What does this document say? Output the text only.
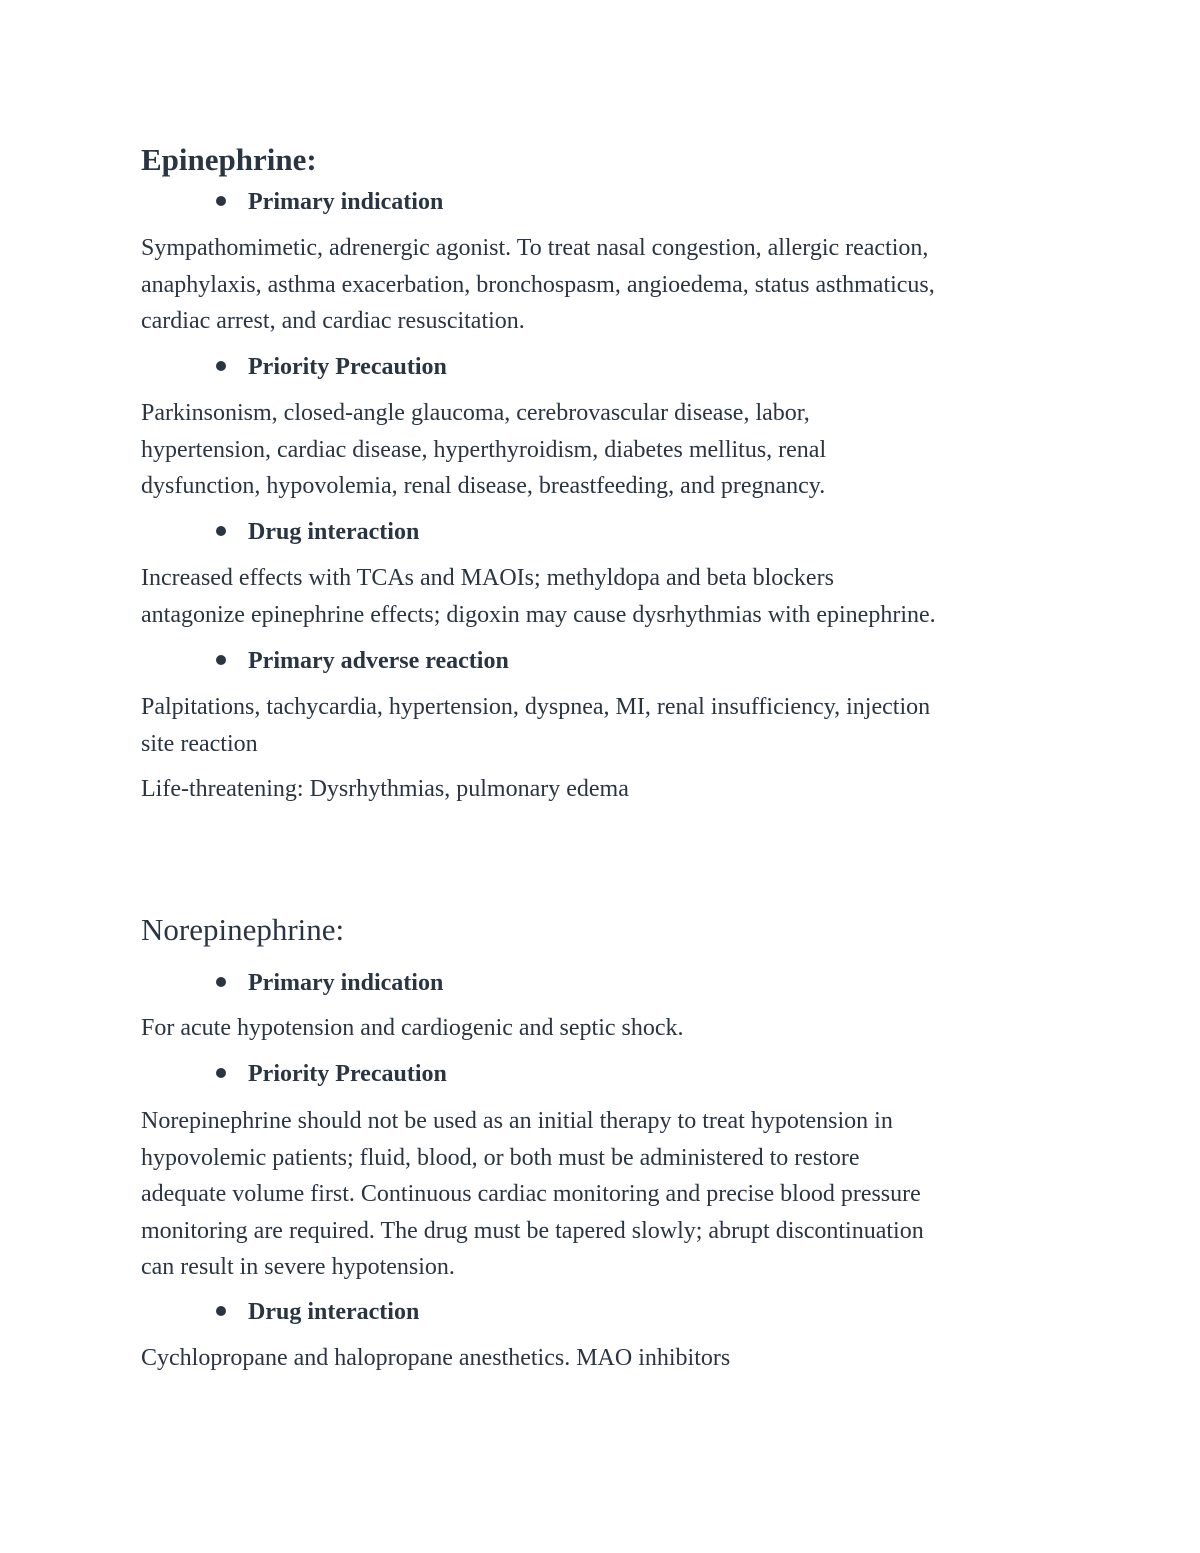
Epinephrine:
Primary indication
Sympathomimetic, adrenergic agonist. To treat nasal congestion, allergic reaction,
anaphylaxis, asthma exacerbation, bronchospasm, angioedema, status asthmaticus,
cardiac arrest, and cardiac resuscitation.
Priority Precaution
Parkinsonism, closed-angle glaucoma, cerebrovascular disease, labor,
hypertension, cardiac disease, hyperthyroidism, diabetes mellitus, renal
dysfunction, hypovolemia, renal disease, breastfeeding, and pregnancy.
Drug interaction
Increased effects with TCAs and MAOIs; methyldopa and beta blockers
antagonize epinephrine effects; digoxin may cause dysrhythmias with epinephrine.
Primary adverse reaction
Palpitations, tachycardia, hypertension, dyspnea, MI, renal insufficiency, injection
site reaction
Life-threatening: Dysrhythmias, pulmonary edema
Norepinephrine:
Primary indication
For acute hypotension and cardiogenic and septic shock.
Priority Precaution
Norepinephrine should not be used as an initial therapy to treat hypotension in
hypovolemic patients; fluid, blood, or both must be administered to restore
adequate volume first. Continuous cardiac monitoring and precise blood pressure
monitoring are required. The drug must be tapered slowly; abrupt discontinuation
can result in severe hypotension.
Drug interaction
Cychlopropane and halopropane anesthetics. MAO inhibitors
